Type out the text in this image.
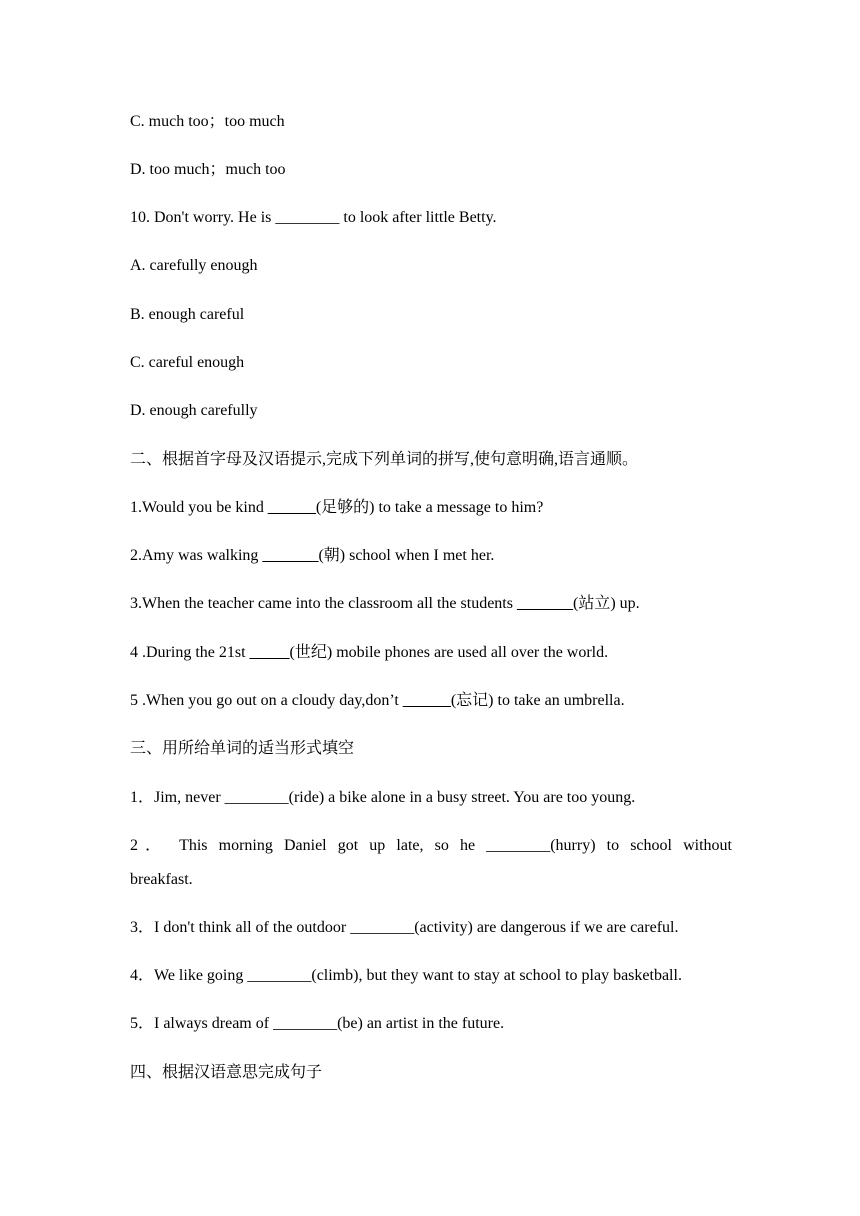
C. much too；too much
D. too much；much too
10. Don't worry. He is ________ to look after little Betty.
A. carefully enough
B. enough careful
C. careful enough
D. enough carefully
二、根据首字母及汉语提示,完成下列单词的拼写,使句意明确,语言通顺。
1.Would you be kind ______(足够的) to take a message to him?
2.Amy was walking _______(朝) school when I met her.
3.When the teacher came into the classroom all the students _______(站立) up.
4 .During the 21st _____(世纪) mobile phones are used all over the world.
5 .When you go out on a cloudy day,don’t ______(忘记) to take an umbrella.
三、用所给单词的适当形式填空
1．Jim, never ________(ride) a bike alone in a busy street. You are too young.
2． This morning Daniel got up late, so he ________(hurry) to school without
breakfast.
3．I don't think all of the outdoor ________(activity) are dangerous if we are careful.
4．We like going ________(climb), but they want to stay at school to play basketball.
5．I always dream of ________(be) an artist in the future.
四、根据汉语意思完成句子
